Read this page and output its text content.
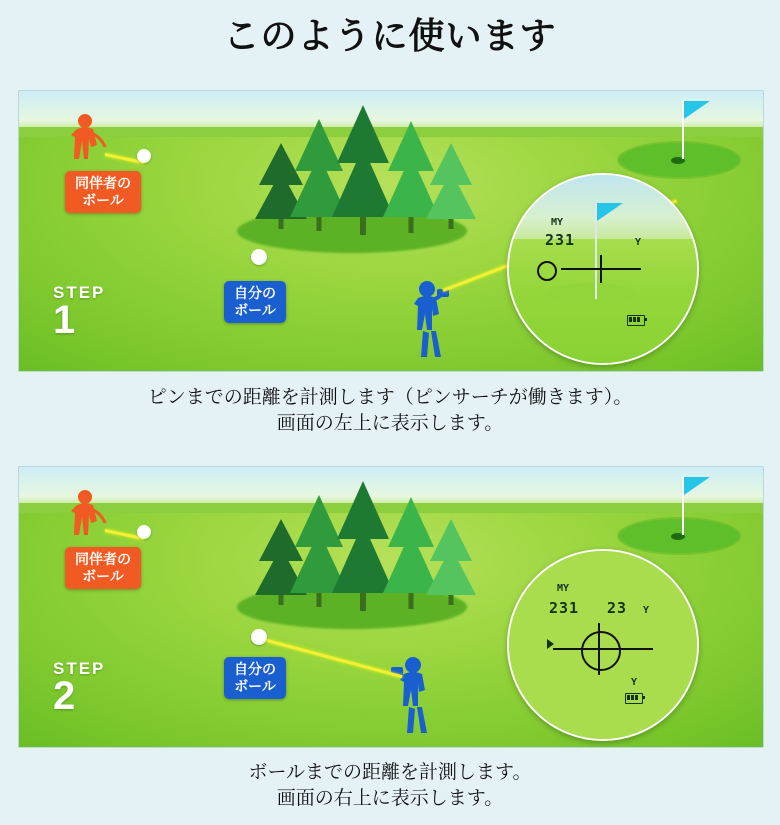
このように使います
同伴者の
ボール
自分の
ボール
MY
231	Y
STEP
1
ピンまでの距離を計測します（ピンサーチが働きます）。
画面の左上に表示します。
同伴者の
ボール
自分の
ボール
MY
231 23 Y
Y
STEP
2
ボールまでの距離を計測します。
画面の右上に表示します。
